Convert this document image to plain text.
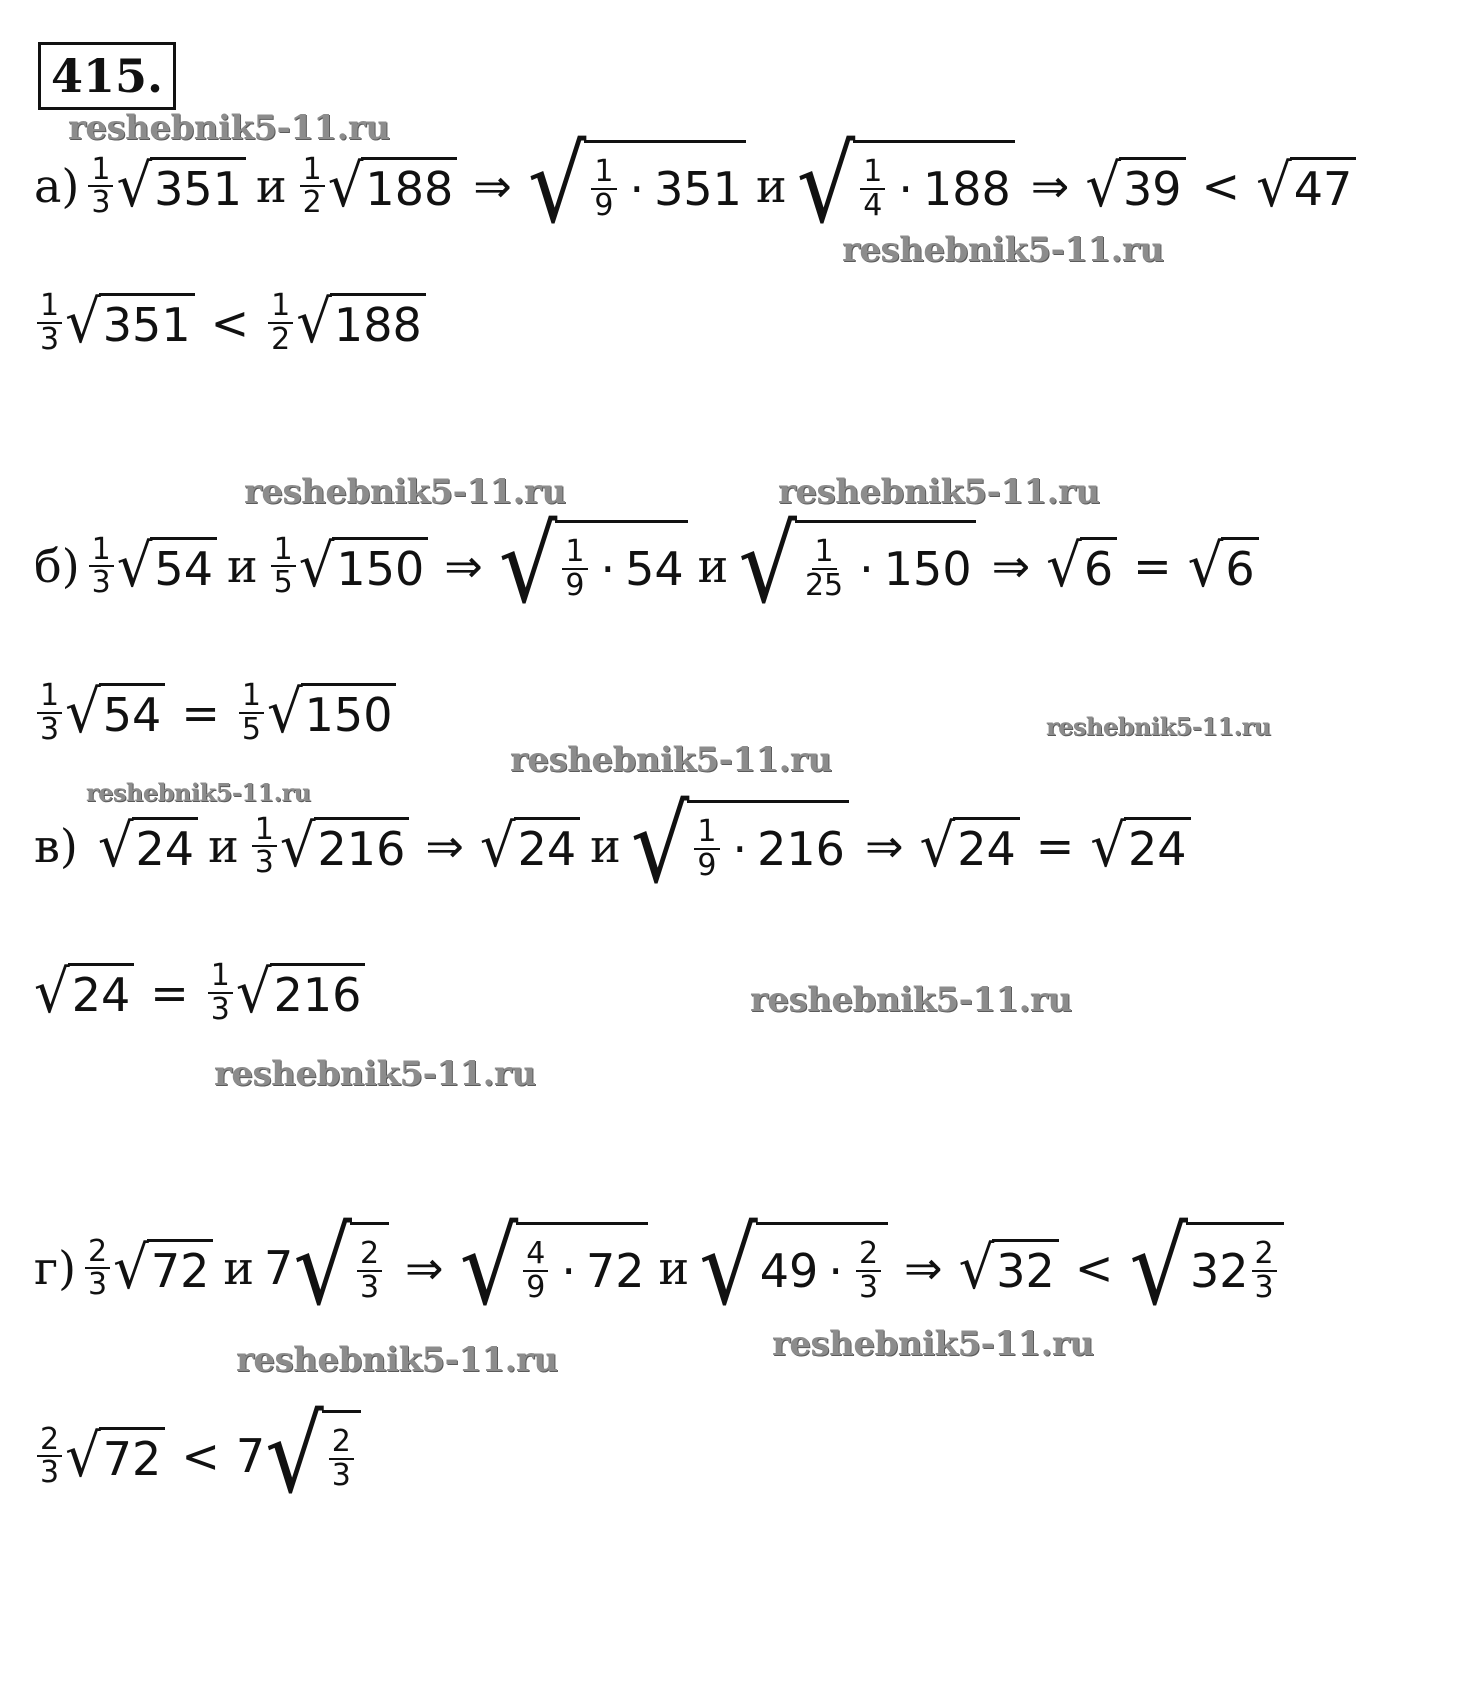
415.
reshebnik5-11.ru
reshebnik5-11.ru
reshebnik5-11.ru	reshebnik5-11.ru
reshebnik5-11.ru
reshebnik5-11.ru
reshebnik5-11.ru
reshebnik5-11.ru
reshebnik5-11.ru
reshebnik5-11.ru
reshebnik5-11.ru
$а) \frac{1}{3}$ √ 351 и $\frac{1}{2}$ √ 188 ⇒ √ $\frac{1}{9} \cdot 351$ и √ $\frac{1}{4} \cdot 188$ ⇒ √ 39 < √ 47
$\frac{1}{3}$ √ $351 < \frac{1}{2}$ √ 188
$б) \frac{1}{3}$ √ 54 и $\frac{1}{5}$ √ 150 ⇒ √ $\frac{1}{9} \cdot 54$ и √ $\frac{1}{25} \cdot 150$ ⇒ √ 6 = √ 6
$\frac{1}{3}$ √ $54 = \frac{1}{5}$ √ 150
в) √ 24 и $\frac{1}{3}$ √ 216 ⇒ √ 24 и √ $\frac{1}{9} \cdot 216$ ⇒ √ 24 = √ 24
√ $24 = \frac{1}{3}$ √ 216
$г) \frac{2}{3}$ √ 72 и 7 √ $\frac{2}{3}$ ⇒ √ $\frac{4}{9} \cdot 72$ и √ $49 \cdot \frac{2}{3}$ ⇒ √ 32 < √ $32 \frac{2}{3}$
$\frac{2}{3}$ √ 72 < 7 √ $\frac{2}{3}$
